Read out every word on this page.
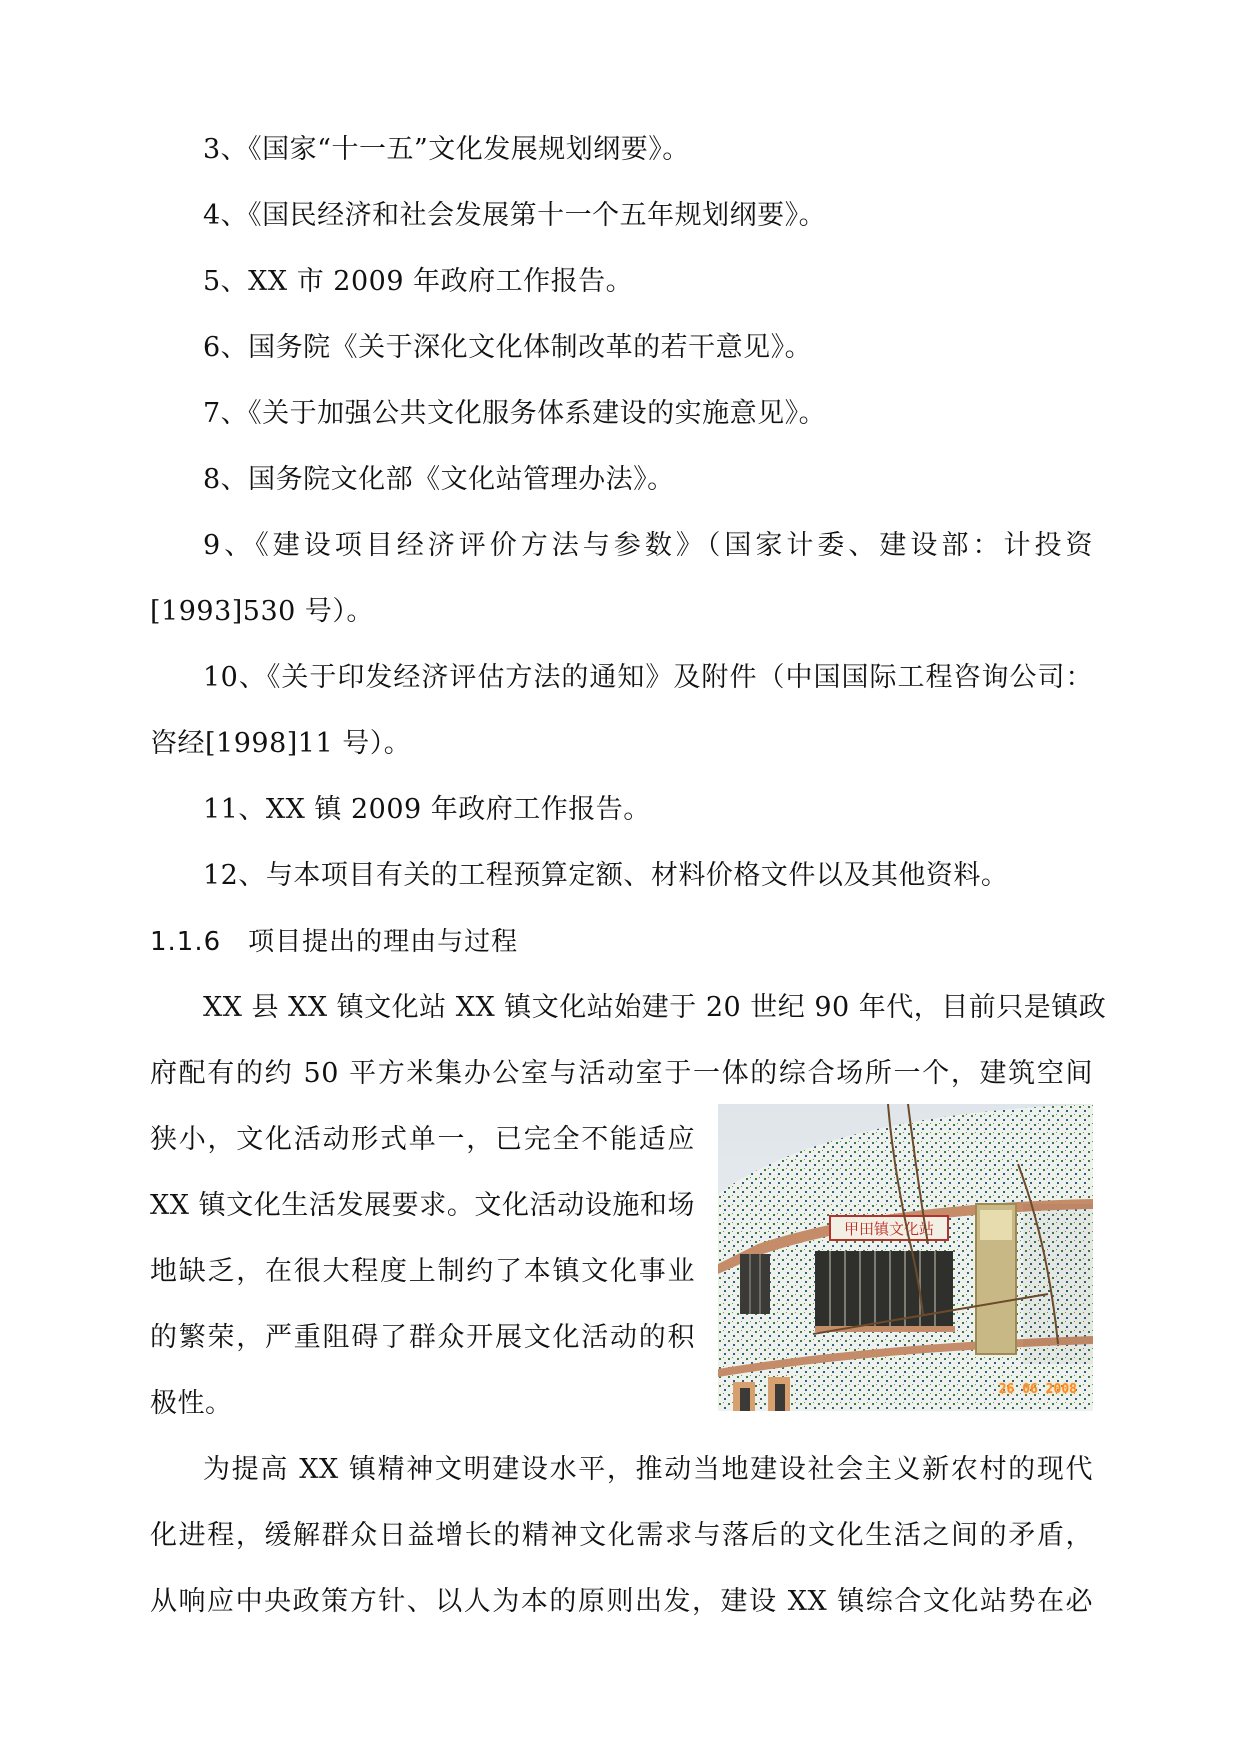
3、《国家“十一五”文化发展规划纲要》。
4、《国民经济和社会发展第十一个五年规划纲要》。
5、XX 市 2009 年政府工作报告。
6、国务院《关于深化文化体制改革的若干意见》。
7、《关于加强公共文化服务体系建设的实施意见》。
8、国务院文化部《文化站管理办法》。
9、《建设项目经济评价方法与参数》（国家计委、建设部：计投资
[1993]530 号）。
10、《关于印发经济评估方法的通知》及附件（中国国际工程咨询公司：
咨经[1998]11 号）。
11、XX 镇 2009 年政府工作报告。
12、与本项目有关的工程预算定额、材料价格文件以及其他资料。
1.1.6　项目提出的理由与过程
XX 县 XX 镇文化站 XX 镇文化站始建于 20 世纪 90 年代，目前只是镇政
府配有的约 50 平方米集办公室与活动室于一体的综合场所一个，建筑空间
狭小，文化活动形式单一，已完全不能适应
XX 镇文化生活发展要求。文化活动设施和场
地缺乏，在很大程度上制约了本镇文化事业
的繁荣，严重阻碍了群众开展文化活动的积
极性。
甲田镇文化站
26 06 2008
为提高 XX 镇精神文明建设水平，推动当地建设社会主义新农村的现代
化进程，缓解群众日益增长的精神文化需求与落后的文化生活之间的矛盾，
从响应中央政策方针、以人为本的原则出发，建设 XX 镇综合文化站势在必
